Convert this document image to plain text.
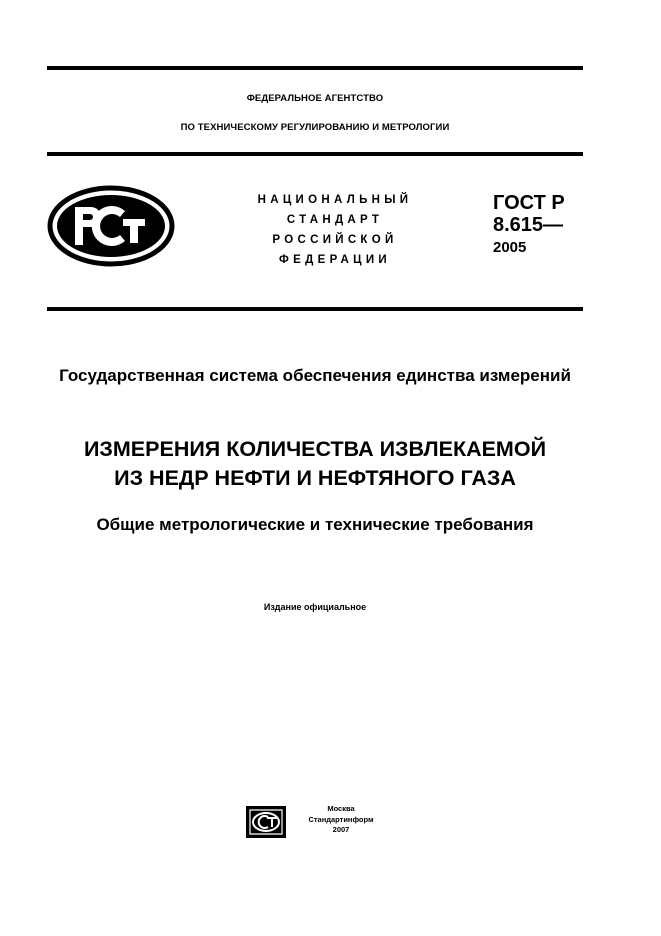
ФЕДЕРАЛЬНОЕ АГЕНТСТВО
ПО ТЕХНИЧЕСКОМУ РЕГУЛИРОВАНИЮ И МЕТРОЛОГИИ
НАЦИОНАЛЬНЫЙ
СТАНДАРТ
РОССИЙСКОЙ
ФЕДЕРАЦИИ
ГОСТ Р
8.615—
2005
Государственная система обеспечения единства измерений
ИЗМЕРЕНИЯ КОЛИЧЕСТВА ИЗВЛЕКАЕМОЙ
ИЗ НЕДР НЕФТИ И НЕФТЯНОГО ГАЗА
Общие метрологические и технические требования
Издание официальное
Москва
Стандартинформ
2007
